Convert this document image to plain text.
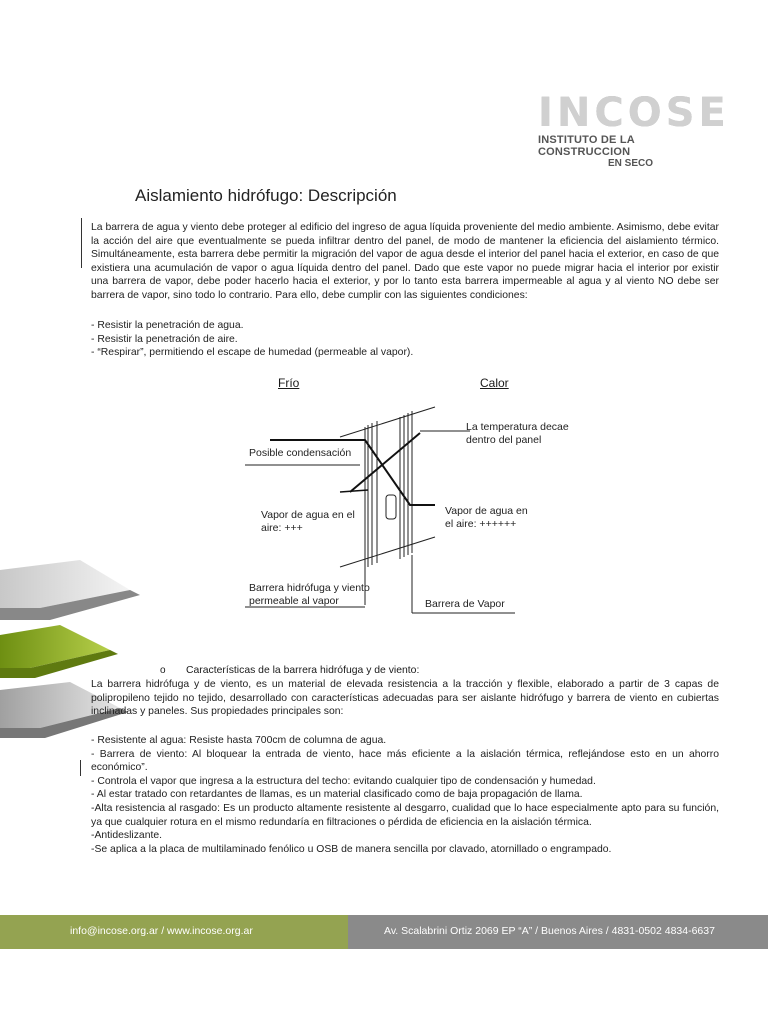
INCOSE
INSTITUTO DE LA CONSTRUCCION
EN SECO
Aislamiento hidrófugo: Descripción
La barrera de agua y viento debe proteger al edificio del ingreso de agua líquida proveniente del medio ambiente. Asimismo, debe evitar la acción del aire que eventualmente se pueda infiltrar dentro del panel, de modo de mantener la eficiencia del aislamiento térmico. Simultáneamente, esta barrera debe permitir la migración del vapor de agua desde el interior del panel hacia el exterior, en caso de que existiera una acumulación de vapor o agua líquida dentro del panel. Dado que este vapor no puede migrar hacia el interior por existir una barrera de vapor, debe poder hacerlo hacia el exterior, y por lo tanto esta barrera impermeable al agua y al viento NO debe ser barrera de vapor, sino todo lo contrario. Para ello, debe cumplir con las siguientes condiciones:

- Resistir la penetración de agua.

- Resistir la penetración de aire.

- “Respirar”, permitiendo el escape de humedad (permeable al vapor).

Frío	Calor
La temperatura decae
dentro del panel
Posible condensación
Vapor de agua en el
aire: +++
Vapor de agua en
el aire: ++++++
Barrera hidrófuga y viento
permeable al vapor	Barrera de Vapor
o Características de la barrera hidrófuga y de viento:
La barrera hidrófuga y de viento, es un material de elevada resistencia a la tracción y flexible, elaborado a partir de 3 capas de polipropileno tejido no tejido, desarrollado con características adecuadas para ser aislante hidrófugo y barrera de viento en cubiertas inclinadas y paneles. Sus propiedades principales son:

- Resistente al agua: Resiste hasta 700cm de columna de agua.

- Barrera de viento: Al bloquear la entrada de viento, hace más eficiente a la aislación térmica, reflejándose esto en un ahorro económico”.

- Controla el vapor que ingresa a la estructura del techo: evitando cualquier tipo de condensación y humedad.

- Al estar tratado con retardantes de llamas, es un material clasificado como de baja propagación de llama.

-Alta resistencia al rasgado: Es un producto altamente resistente al desgarro, cualidad que lo hace especialmente apto para su función, ya que cualquier rotura en el mismo redundaría en filtraciones o pérdida de eficiencia en la aislación térmica.

-Antideslizante.

-Se aplica a la placa de multilaminado fenólico u OSB de manera sencilla por clavado, atornillado o engrampado.

info@incose.org.ar / www.incose.org.ar	Av. Scalabrini Ortiz 2069 EP “A” / Buenos Aires / 4831-0502 4834-6637
